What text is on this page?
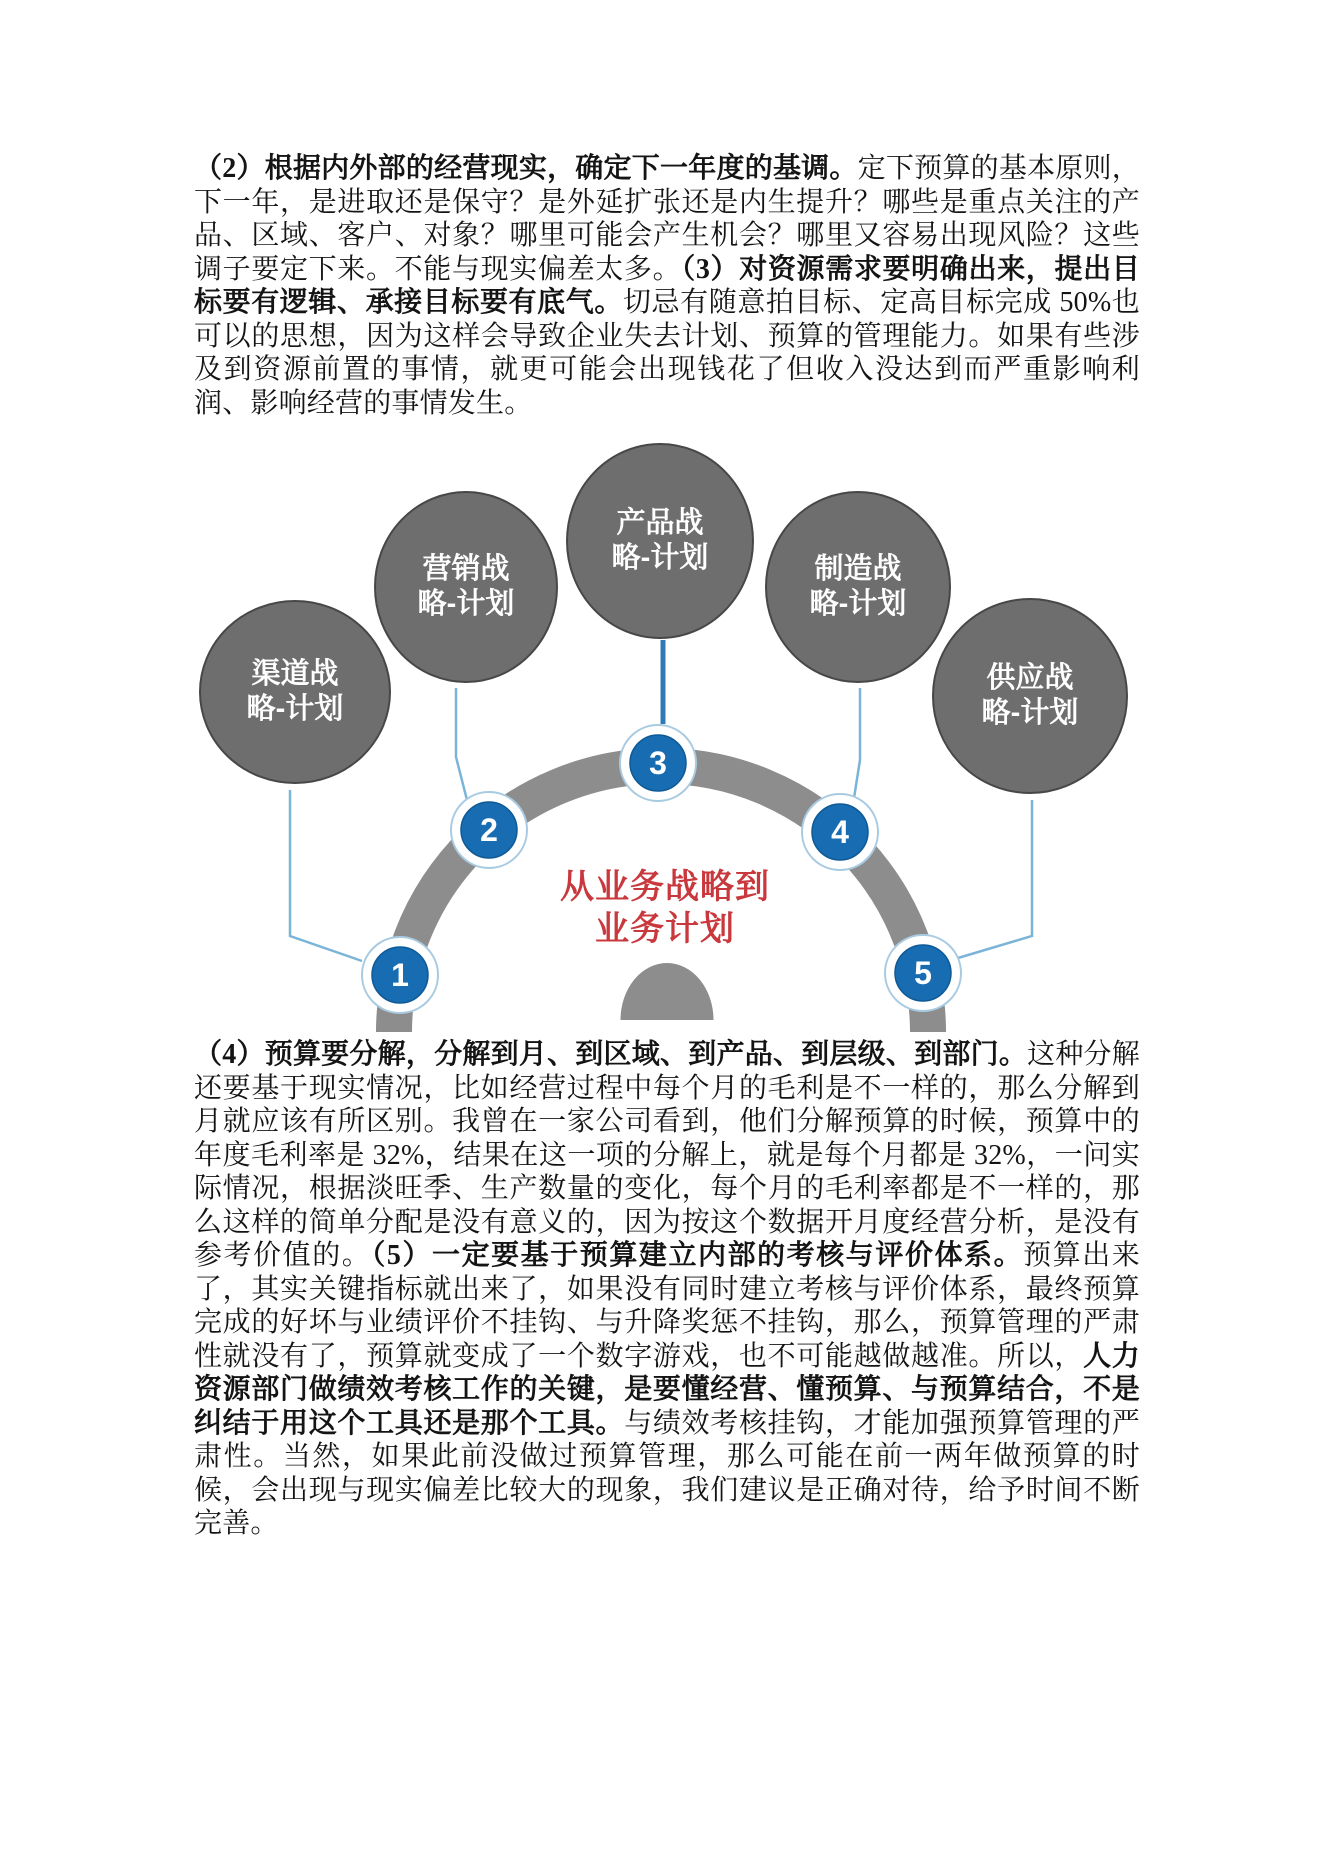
（2）根据内外部的经营现实，确定下一年度的基调。定下预算的基本原则，下一年，是进取还是保守？是外延扩张还是内生提升？哪些是重点关注的产品、区域、客户、对象？哪里可能会产生机会？哪里又容易出现风险？这些调子要定下来。不能与现实偏差太多。（3）对资源需求要明确出来，提出目标要有逻辑、承接目标要有底气。切忌有随意拍目标、定高目标完成 50%也可以的思想，因为这样会导致企业失去计划、预算的管理能力。如果有些涉及到资源前置的事情，就更可能会出现钱花了但收入没达到而严重影响利润、影响经营的事情发生。

渠道战
略-计划
营销战
略-计划
产品战
略-计划	制造战
略-计划
供应战
略-计划
1
2
3
4
5
从业务战略到
业务计划

（4）预算要分解，分解到月、到区域、到产品、到层级、到部门。这种分解还要基于现实情况，比如经营过程中每个月的毛利是不一样的，那么分解到月就应该有所区别。我曾在一家公司看到，他们分解预算的时候，预算中的年度毛利率是 32%，结果在这一项的分解上，就是每个月都是 32%，一问实际情况，根据淡旺季、生产数量的变化，每个月的毛利率都是不一样的，那么这样的简单分配是没有意义的，因为按这个数据开月度经营分析，是没有参考价值的。（5）一定要基于预算建立内部的考核与评价体系。预算出来了，其实关键指标就出来了，如果没有同时建立考核与评价体系，最终预算完成的好坏与业绩评价不挂钩、与升降奖惩不挂钩，那么，预算管理的严肃性就没有了，预算就变成了一个数字游戏，也不可能越做越准。所以，人力资源部门做绩效考核工作的关键，是要懂经营、懂预算、与预算结合，不是纠结于用这个工具还是那个工具。与绩效考核挂钩，才能加强预算管理的严肃性。当然，如果此前没做过预算管理，那么可能在前一两年做预算的时候，会出现与现实偏差比较大的现象，我们建议是正确对待，给予时间不断完善。
